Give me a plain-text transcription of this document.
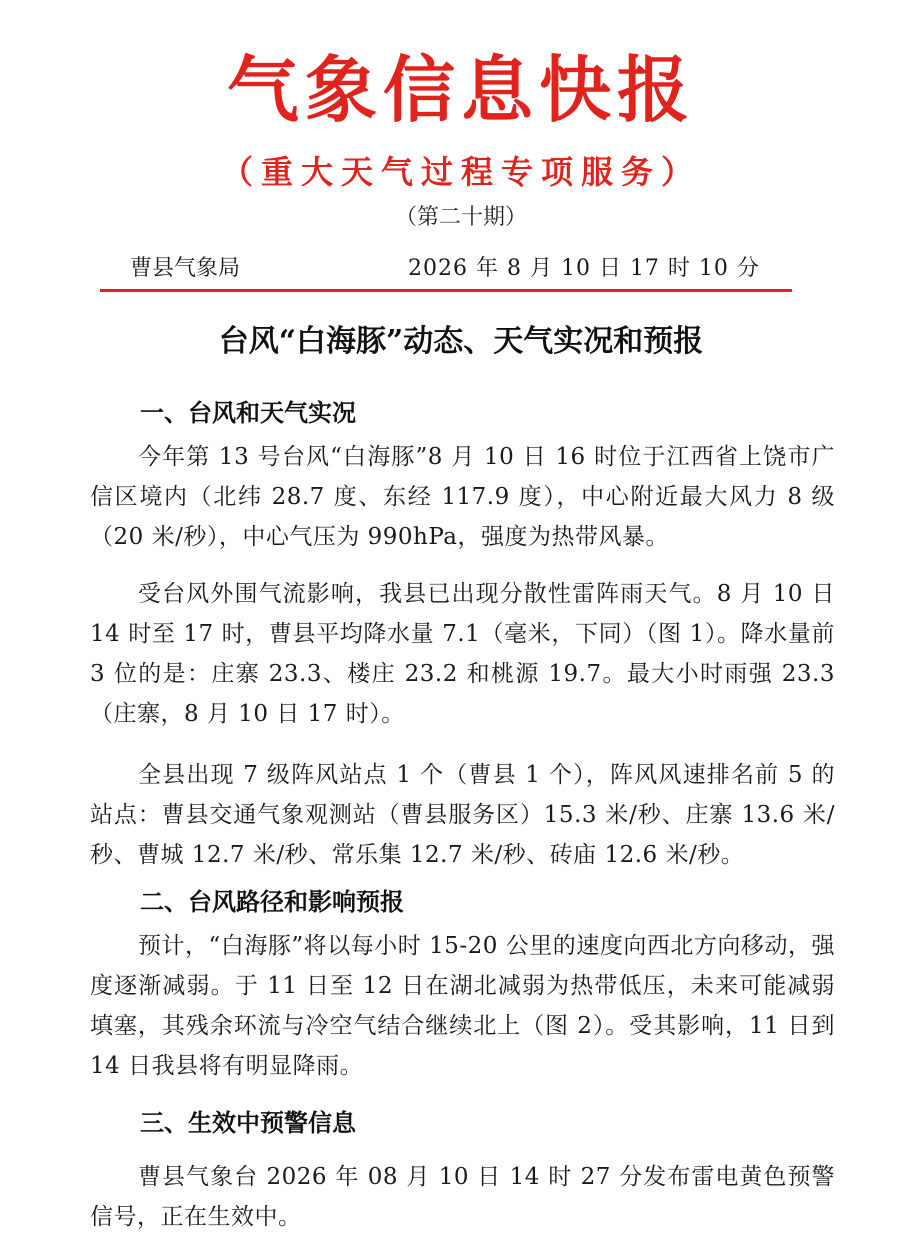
气象信息快报
（重大天气过程专项服务）
（第二十期）
曹县气象局	2026 年 8 月 10 日 17 时 10 分
台风“白海豚”动态、天气实况和预报
一、台风和天气实况
今年第 13 号台风“白海豚”8 月 10 日 16 时位于江西省上饶市广信区境内（北纬 28.7 度、东经 117.9 度），中心附近最大风力 8 级（20 米/秒），中心气压为 990hPa，强度为热带风暴。
受台风外围气流影响，我县已出现分散性雷阵雨天气。8 月 10 日 14 时至 17 时，曹县平均降水量 7.1（毫米，下同）（图 1）。降水量前 3 位的是：庄寨 23.3、楼庄 23.2 和桃源 19.7。最大小时雨强 23.3（庄寨，8 月 10 日 17 时）。
全县出现 7 级阵风站点 1 个（曹县 1 个），阵风风速排名前 5 的站点：曹县交通气象观测站（曹县服务区）15.3 米/秒、庄寨 13.6 米/秒、曹城 12.7 米/秒、常乐集 12.7 米/秒、砖庙 12.6 米/秒。
二、台风路径和影响预报
预计，“白海豚”将以每小时 15-20 公里的速度向西北方向移动，强度逐渐减弱。于 11 日至 12 日在湖北减弱为热带低压，未来可能减弱填塞，其残余环流与冷空气结合继续北上（图 2）。受其影响，11 日到 14 日我县将有明显降雨。
三、生效中预警信息
曹县气象台 2026 年 08 月 10 日 14 时 27 分发布雷电黄色预警信号，正在生效中。
